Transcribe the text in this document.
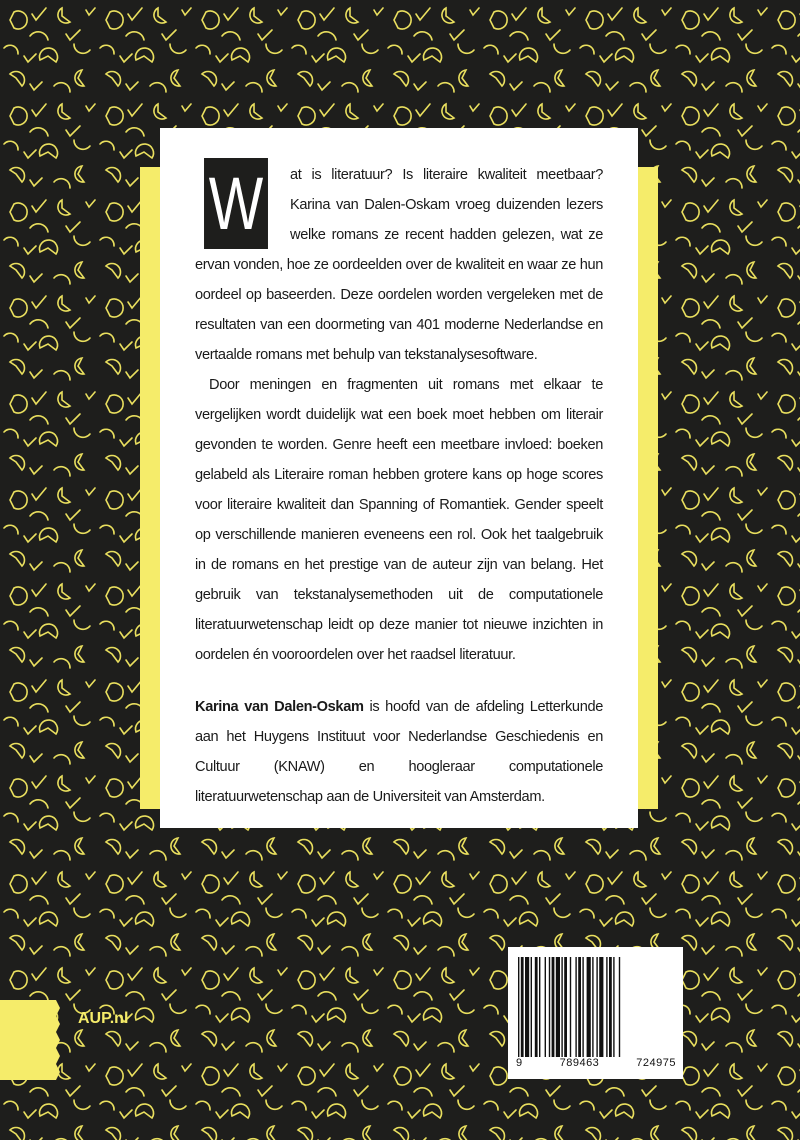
W	at is literatuur? Is literaire kwaliteit meetbaar? Karina van Dalen-Oskam vroeg duizenden lezers welke romans ze recent hadden gelezen, wat ze ervan vonden, hoe ze oordeelden over de kwaliteit en waar ze hun oordeel op baseerden. Deze oordelen worden vergeleken met de resultaten van een doormeting van 401 moderne Nederlandse en vertaalde romans met behulp van tekstanalysesoftware.

Door meningen en fragmenten uit romans met elkaar te vergelijken wordt duidelijk wat een boek moet hebben om literair gevonden te worden. Genre heeft een meetbare invloed: boeken gelabeld als Literaire roman hebben grotere kans op hoge scores voor literaire kwaliteit dan Spanning of Romantiek. Gender speelt op verschillende manieren eveneens een rol. Ook het taalgebruik in de romans en het prestige van de auteur zijn van belang. Het gebruik van tekstanalysemethoden uit de computationele literatuurwetenschap leidt op deze manier tot nieuwe inzichten in oordelen én vooroordelen over het raadsel literatuur.

Karina van Dalen-Oskam is hoofd van de afdeling Letterkunde aan het Huygens Instituut voor Nederlandse Geschiedenis en Cultuur (KNAW) en hoogleraar computationele literatuurwetenschap aan de Universiteit van Amsterdam.

9	789463	724975
AUP.nl
